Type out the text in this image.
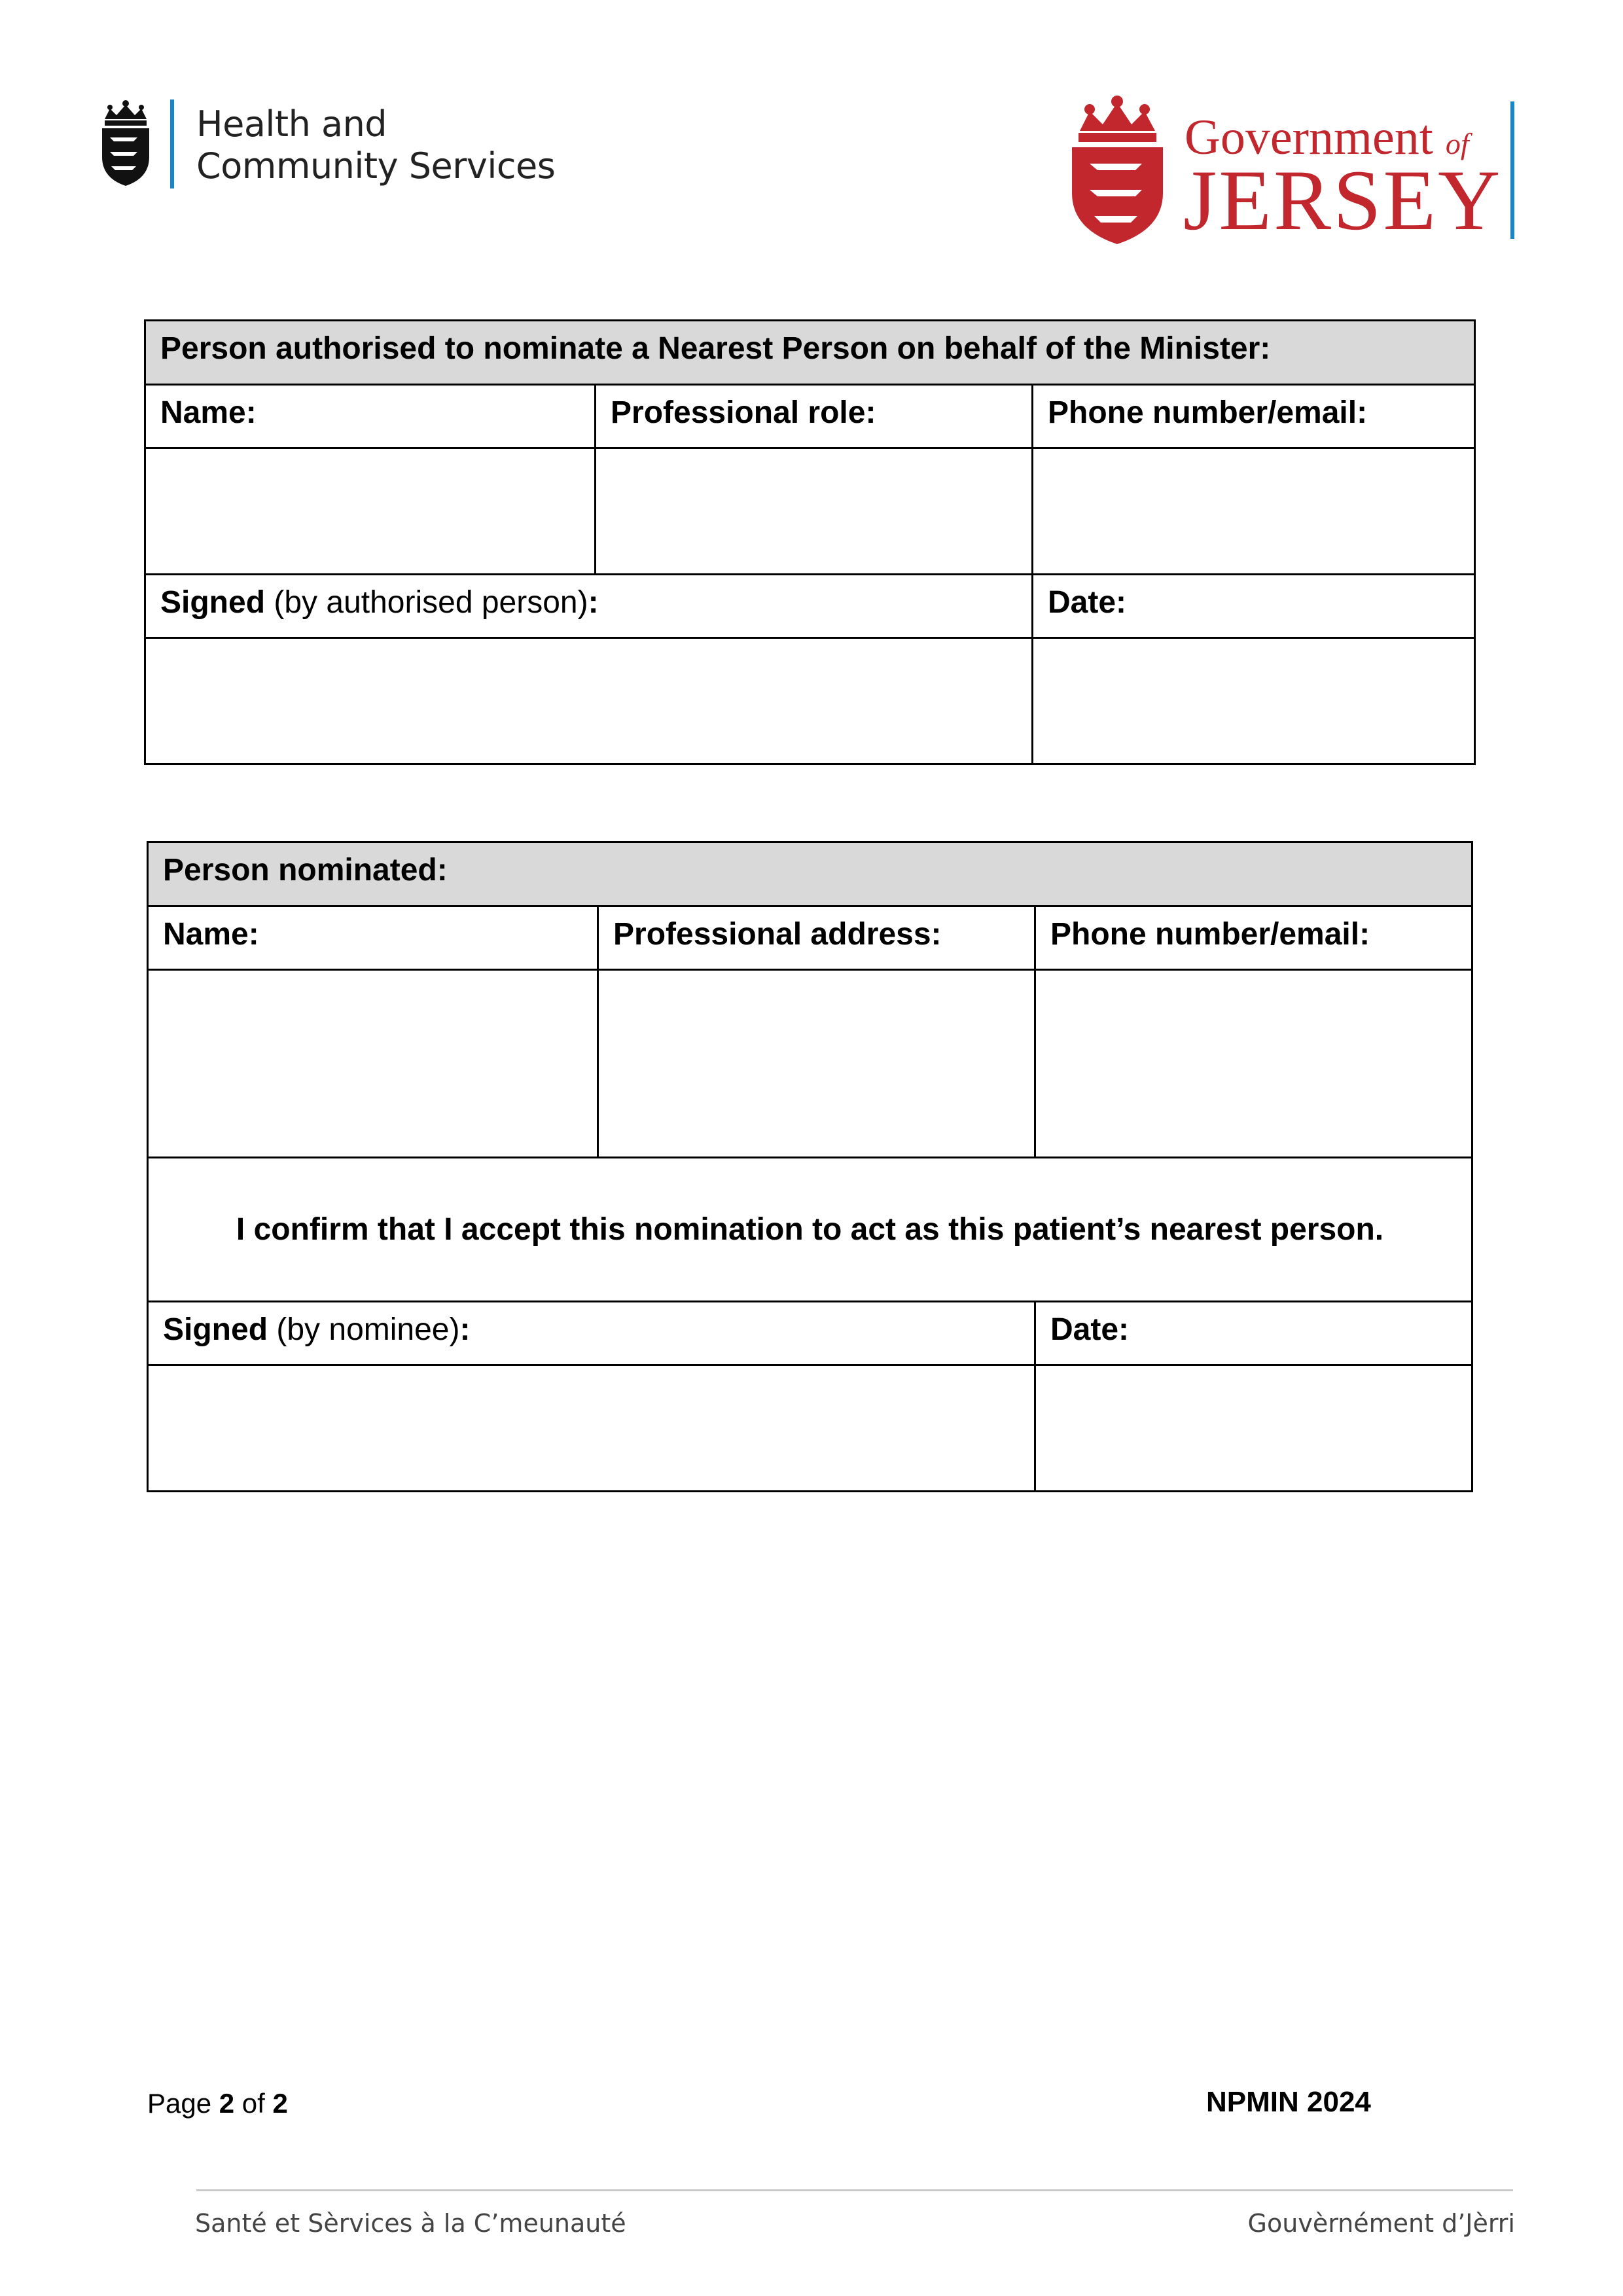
Health and
Community Services
Government of
JERSEY
Person authorised to nominate a Nearest Person on behalf of the Minister:		
Name:	Professional role:	Phone number/email:

Signed (by authorised person):		Date:

Person nominated:		
Name:	Professional address:	Phone number/email:

I confirm that I accept this nomination to act as this patient’s nearest person.		
Signed (by nominee):		Date:

Page 2 of 2	NPMIN 2024
Santé et Sèrvices à la C’meunauté	Gouvèrnément d’Jèrri
